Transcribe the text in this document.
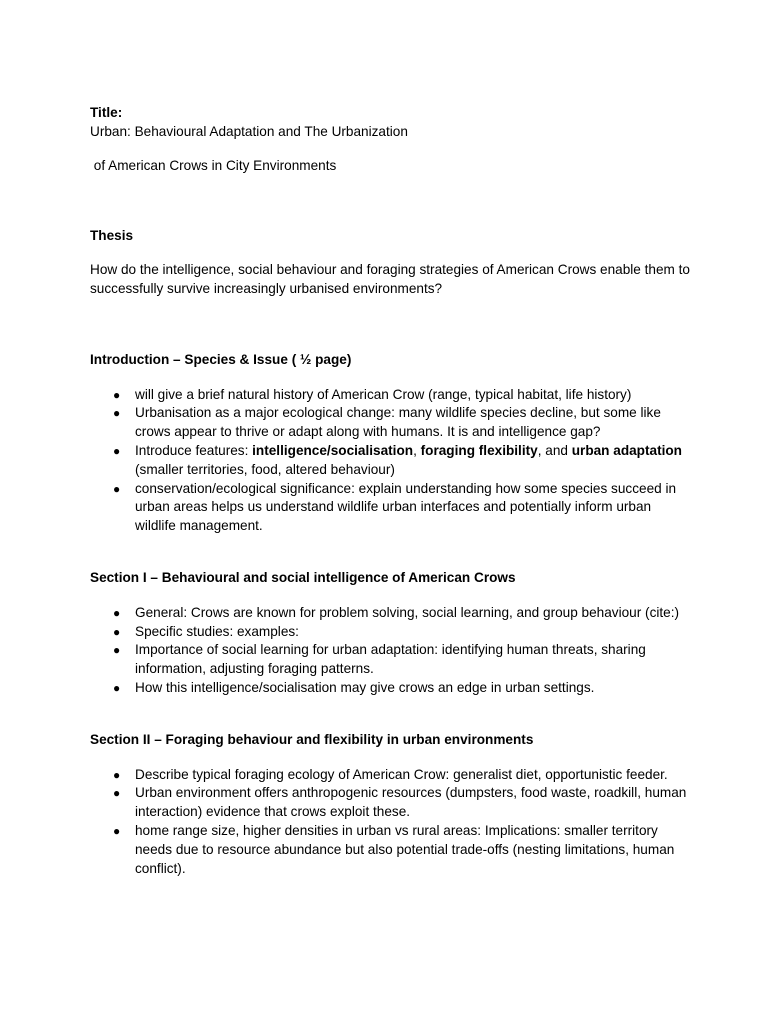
Title:

Urban: Behavioural Adaptation and The Urbanization

of American Crows in City Environments

Thesis

How do the intelligence, social behaviour and foraging strategies of American Crows enable them to successfully survive increasingly urbanised environments?

Introduction – Species & Issue ( ½ page)

● will give a brief natural history of American Crow (range, typical habitat, life history)
● Urbanisation as a major ecological change: many wildlife species decline, but some like crows appear to thrive or adapt along with humans. It is and intelligence gap?
● Introduce features: intelligence/socialisation, foraging flexibility, and urban adaptation (smaller territories, food, altered behaviour)
● conservation/ecological significance: explain understanding how some species succeed in urban areas helps us understand wildlife urban interfaces and potentially inform urban wildlife management.

Section I – Behavioural and social intelligence of American Crows

● General: Crows are known for problem solving, social learning, and group behaviour (cite:)
● Specific studies: examples:
● Importance of social learning for urban adaptation: identifying human threats, sharing information, adjusting foraging patterns.
● How this intelligence/socialisation may give crows an edge in urban settings.

Section II – Foraging behaviour and flexibility in urban environments

● Describe typical foraging ecology of American Crow: generalist diet, opportunistic feeder.
● Urban environment offers anthropogenic resources (dumpsters, food waste, roadkill, human interaction) evidence that crows exploit these.
● home range size, higher densities in urban vs rural areas: Implications: smaller territory needs due to resource abundance but also potential trade-offs (nesting limitations, human conflict).
